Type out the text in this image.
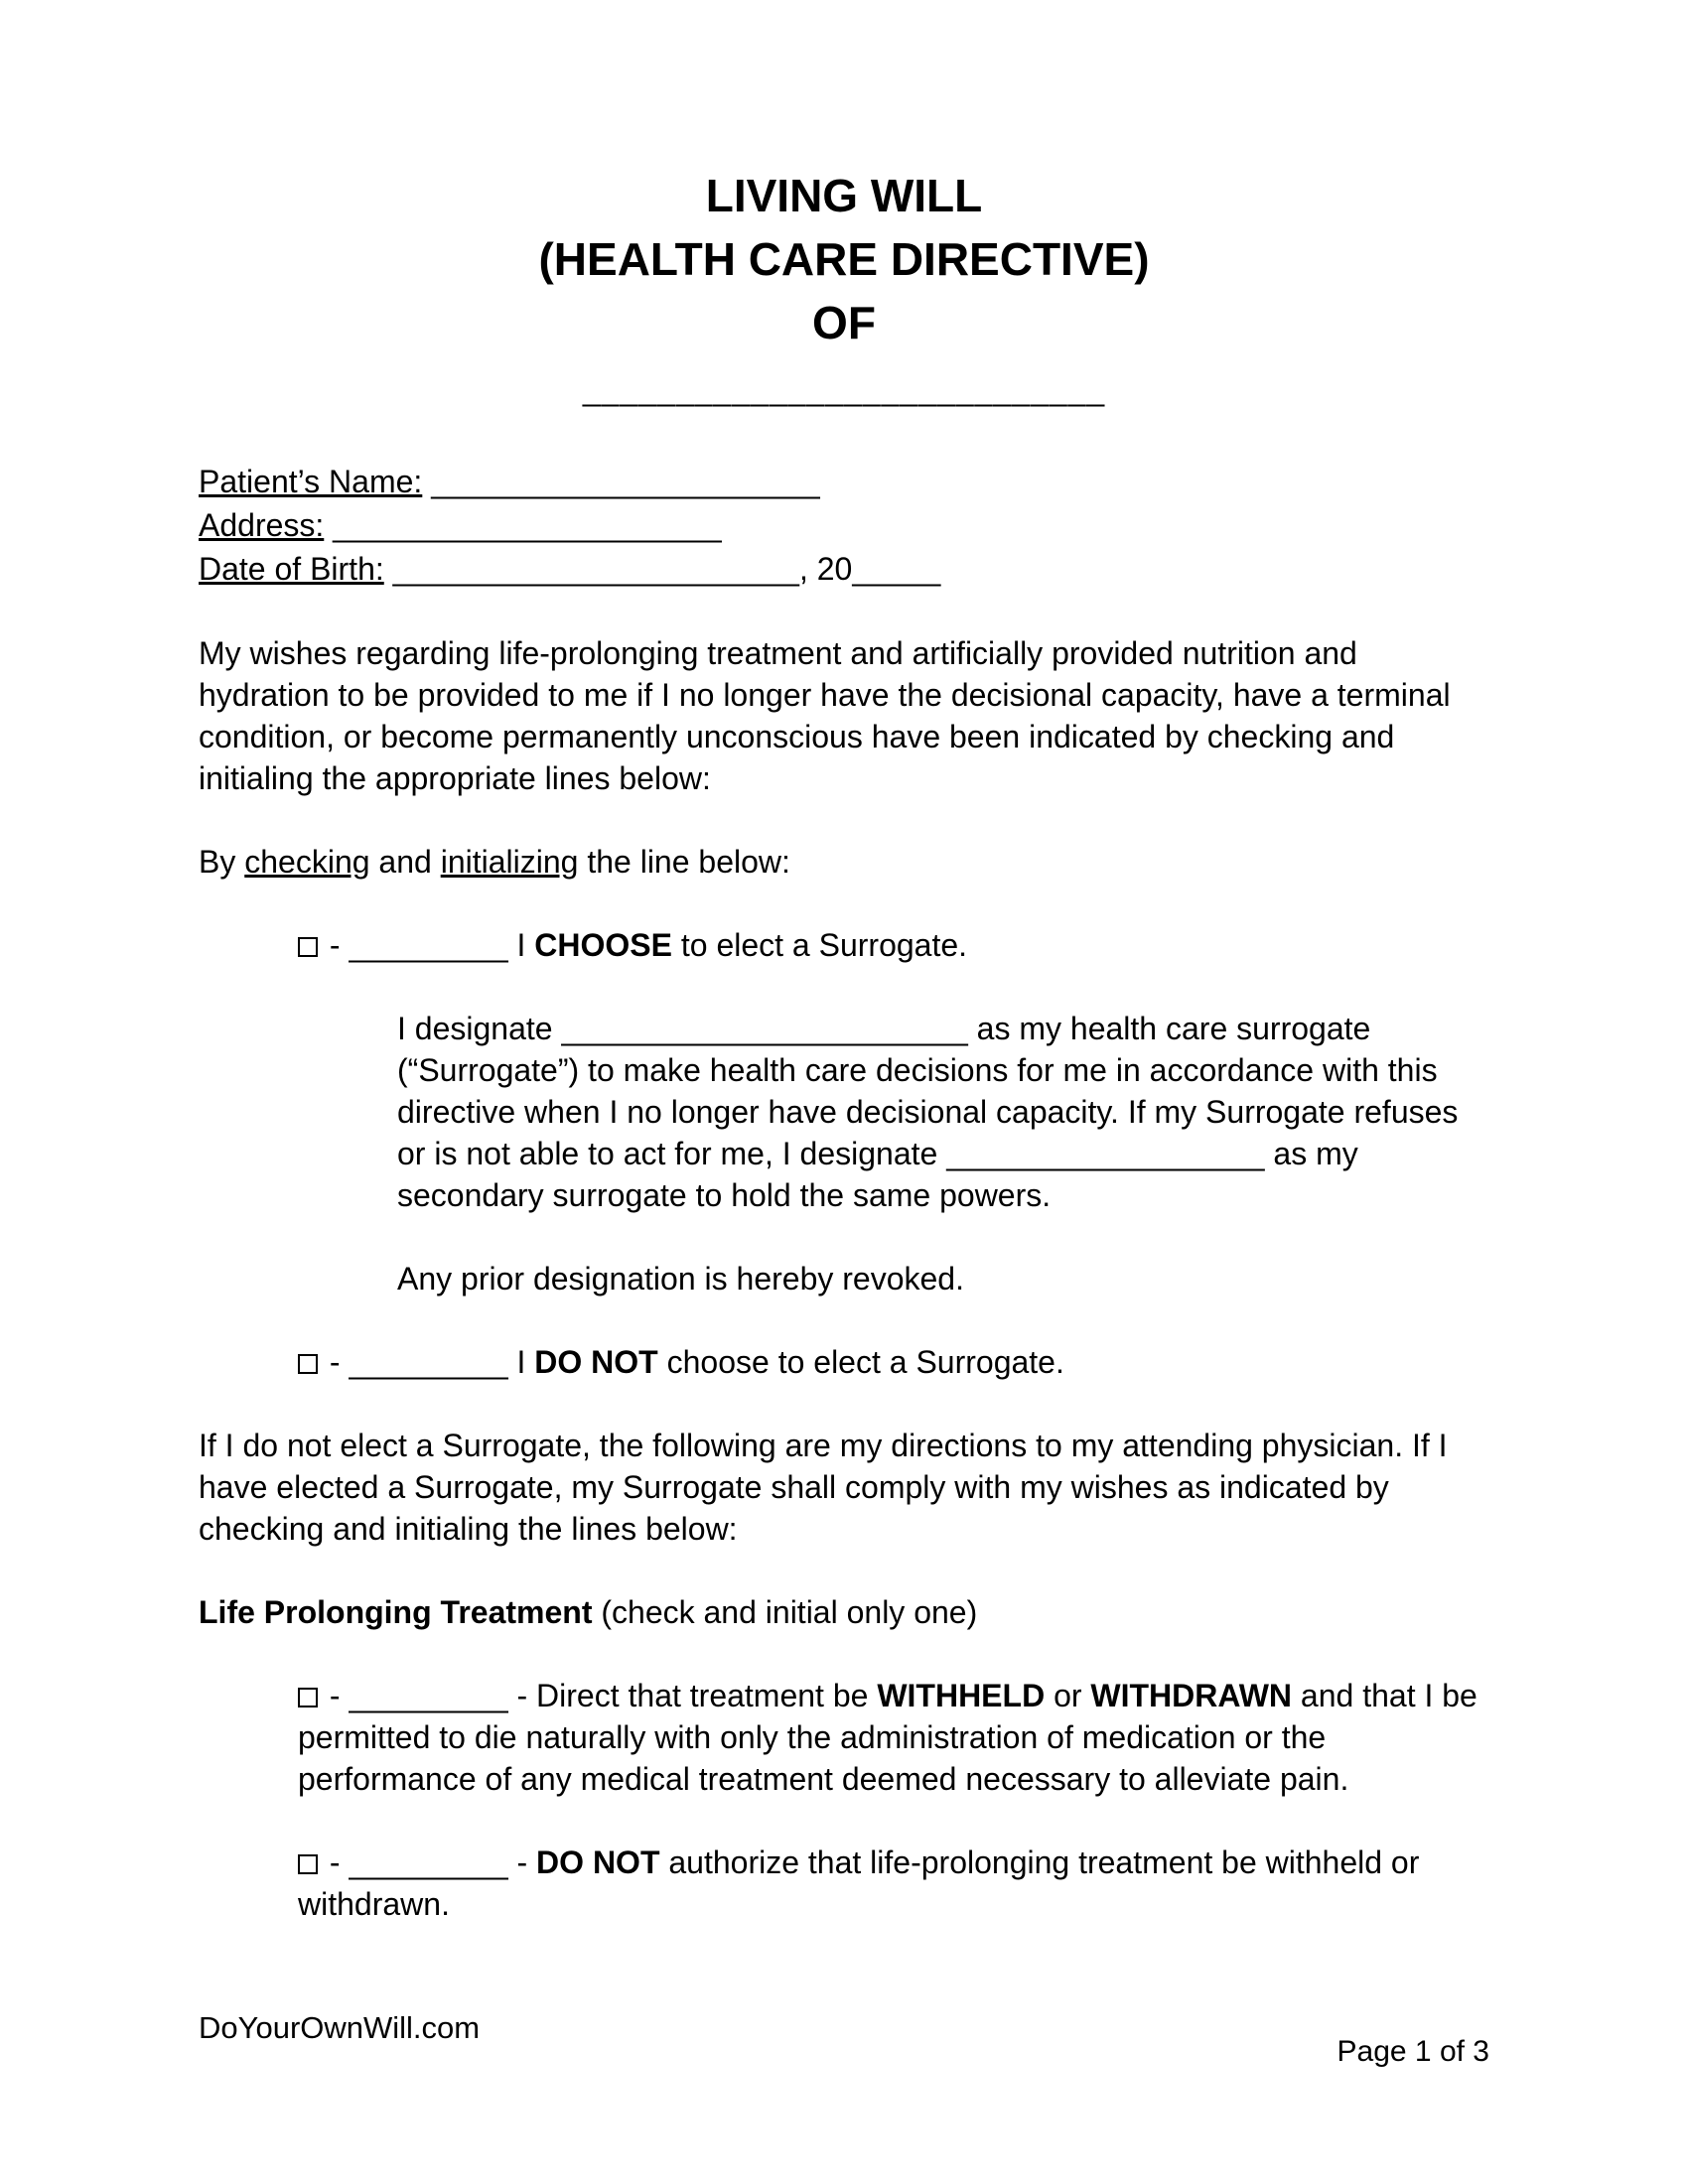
LIVING WILL
(HEALTH CARE DIRECTIVE)
OF
____________________________
Patient’s Name: ______________________
Address: ______________________
Date of Birth: _______________________, 20_____

My wishes regarding life-prolonging treatment and artificially provided nutrition and hydration to be provided to me if I no longer have the decisional capacity, have a terminal condition, or become permanently unconscious have been indicated by checking and initialing the appropriate lines below:

By checking and initializing the line below:

- _________ I CHOOSE to elect a Surrogate.

I designate _______________________ as my health care surrogate (“Surrogate”) to make health care decisions for me in accordance with this directive when I no longer have decisional capacity. If my Surrogate refuses or is not able to act for me, I designate __________________ as my secondary surrogate to hold the same powers.

Any prior designation is hereby revoked.

- _________ I DO NOT choose to elect a Surrogate.

If I do not elect a Surrogate, the following are my directions to my attending physician. If I have elected a Surrogate, my Surrogate shall comply with my wishes as indicated by checking and initialing the lines below:

Life Prolonging Treatment (check and initial only one)

- _________ - Direct that treatment be WITHHELD or WITHDRAWN and that I be permitted to die naturally with only the administration of medication or the performance of any medical treatment deemed necessary to alleviate pain.
- _________ - DO NOT authorize that life-prolonging treatment be withheld or withdrawn.
DoYourOwnWill.com
Page 1 of 3
